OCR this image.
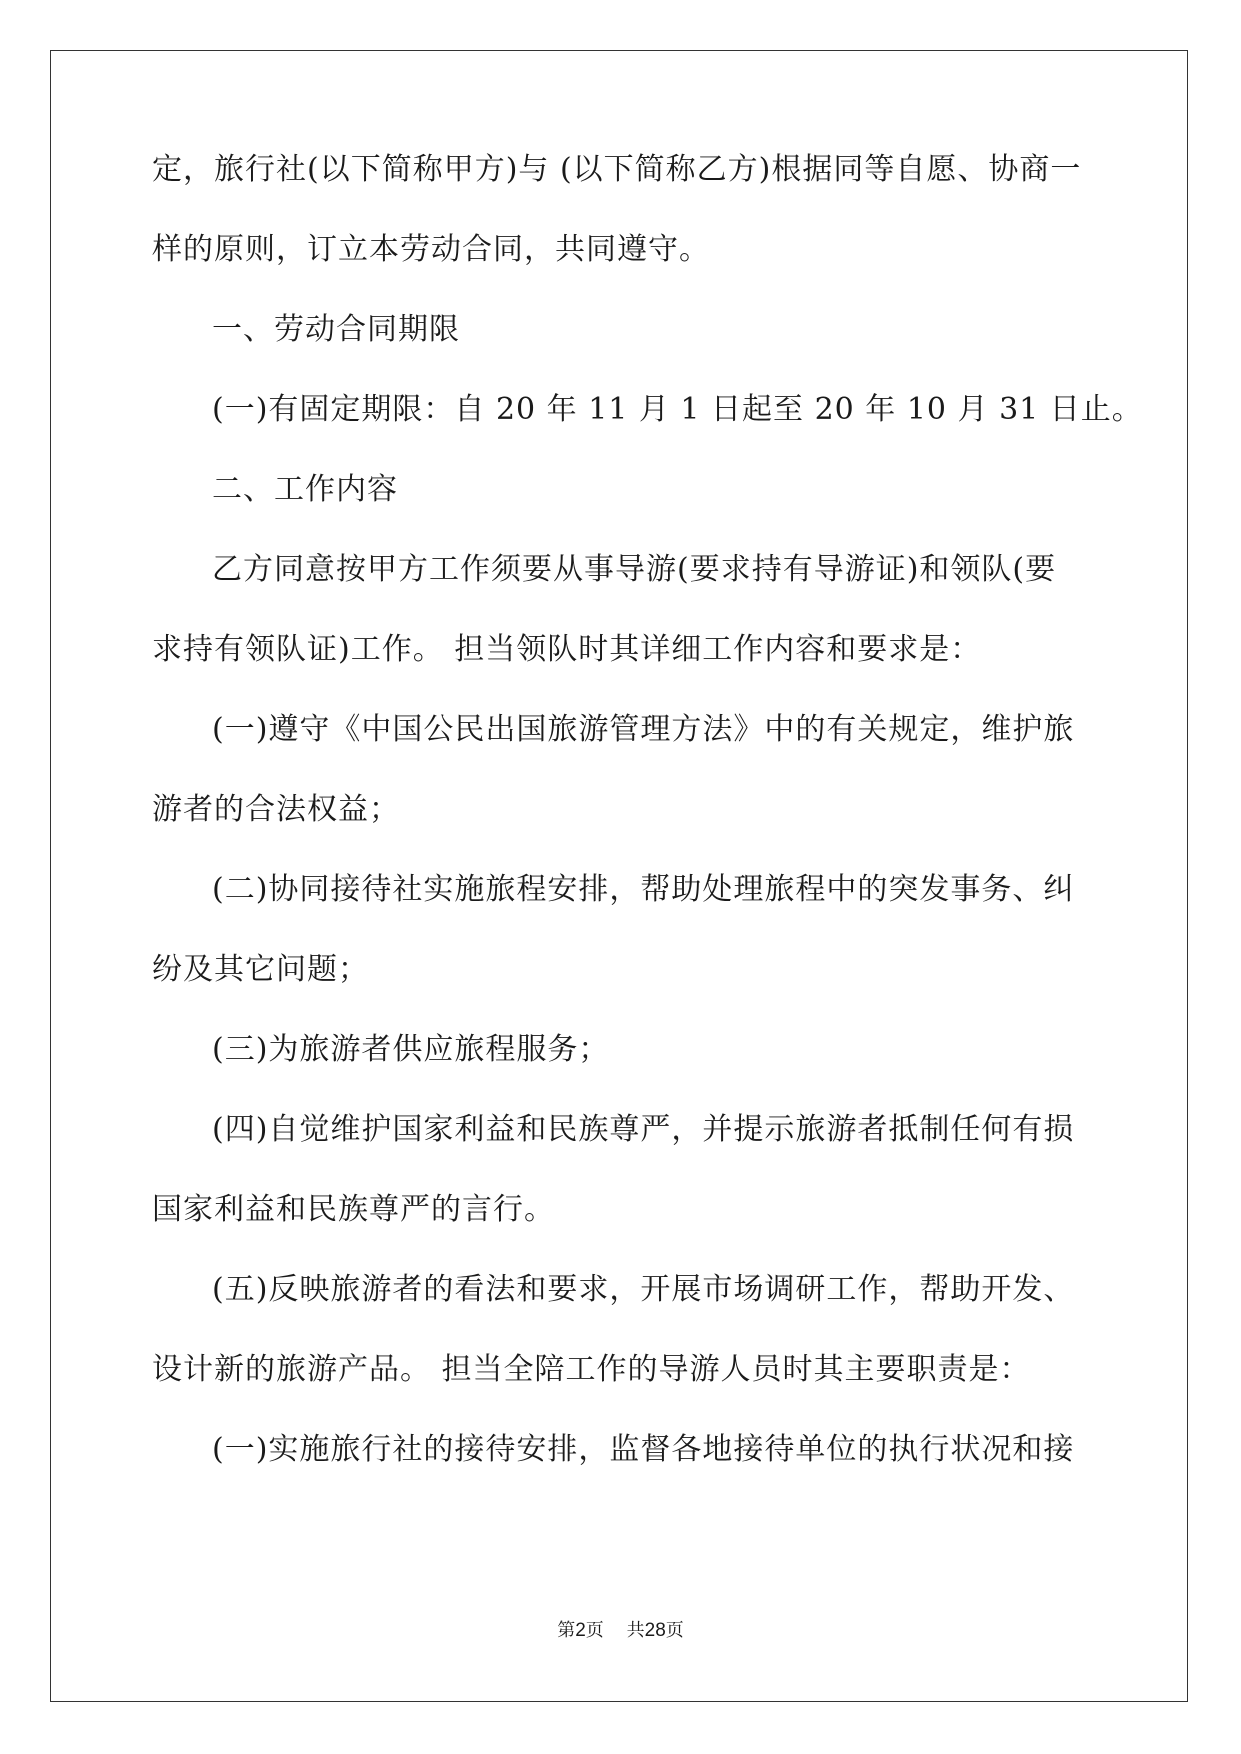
定，旅行社(以下简称甲方)与 (以下简称乙方)根据同等自愿、协商一

样的原则，订立本劳动合同，共同遵守。

一、劳动合同期限

(一)有固定期限：自 20 年 11 月 1 日起至 20 年 10 月 31 日止。

二、工作内容

乙方同意按甲方工作须要从事导游(要求持有导游证)和领队(要

求持有领队证)工作。 担当领队时其详细工作内容和要求是：

(一)遵守《中国公民出国旅游管理方法》中的有关规定，维护旅

游者的合法权益；

(二)协同接待社实施旅程安排，帮助处理旅程中的突发事务、纠

纷及其它问题；

(三)为旅游者供应旅程服务；

(四)自觉维护国家利益和民族尊严，并提示旅游者抵制任何有损

国家利益和民族尊严的言行。

(五)反映旅游者的看法和要求，开展市场调研工作，帮助开发、

设计新的旅游产品。 担当全陪工作的导游人员时其主要职责是：

(一)实施旅行社的接待安排，监督各地接待单位的执行状况和接

第2页 共28页
